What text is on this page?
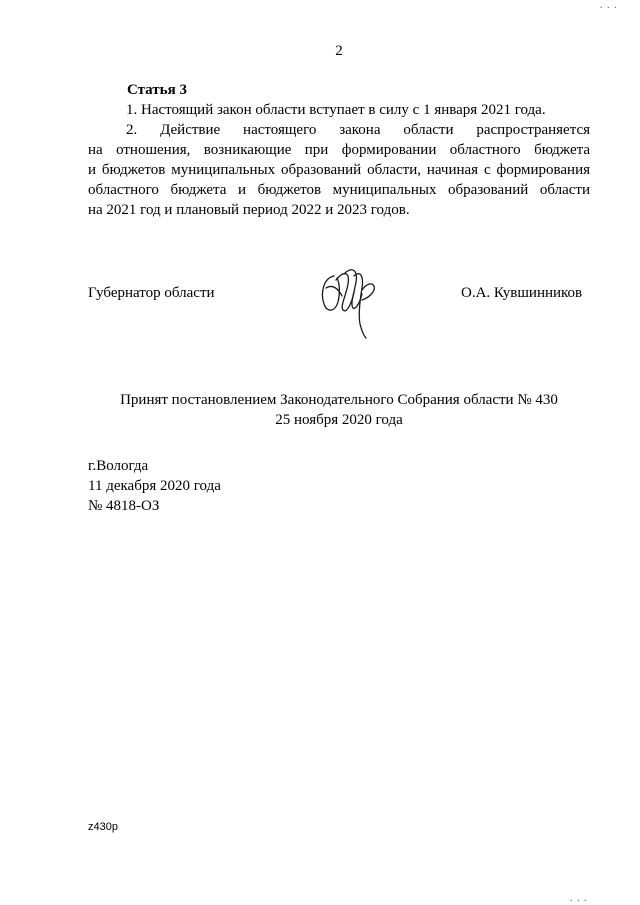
. . .
2
Статья 3
1. Настоящий закон области вступает в силу с 1 января 2021 года.
2. Действие настоящего закона области распространяется
на отношения, возникающие при формировании областного бюджета
и бюджетов муниципальных образований области, начиная с формирования
областного бюджета и бюджетов муниципальных образований области
на 2021 год и плановый период 2022 и 2023 годов.
Губернатор области	О.А. Кувшинников
Принят постановлением Законодательного Собрания области № 430
25 ноября 2020 года
г.Вологда
11 декабря 2020 года
№ 4818-ОЗ
z430p
. . .
